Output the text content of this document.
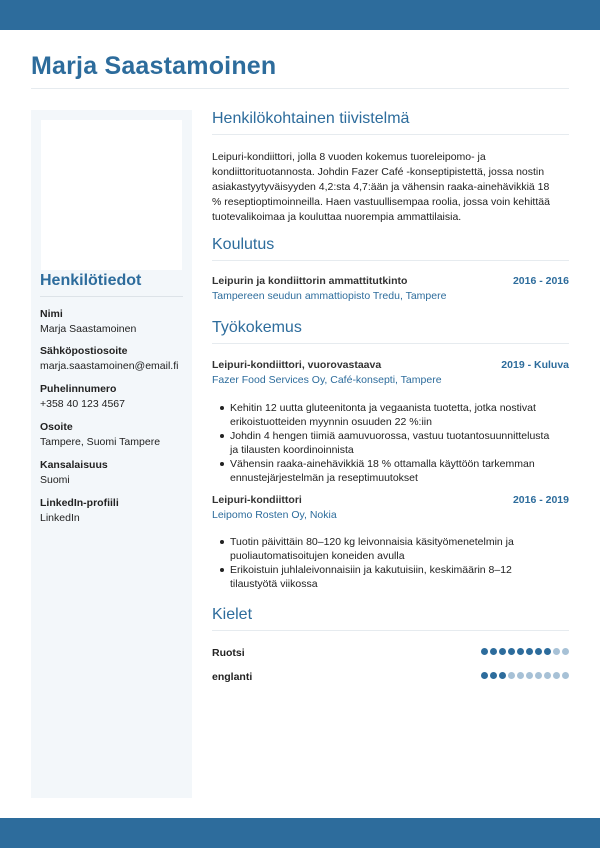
Marja Saastamoinen
Henkilötiedot
Nimi
Marja Saastamoinen
Sähköpostiosoite
marja.saastamoinen@email.fi
Puhelinnumero
+358 40 123 4567
Osoite
Tampere, Suomi Tampere
Kansalaisuus
Suomi
LinkedIn-profiili
LinkedIn
Henkilökohtainen tiivistelmä
Leipuri-kondiittori, jolla 8 vuoden kokemus tuoreleipomo- ja kondiittorituotannosta. Johdin Fazer Café -konseptipistettä, jossa nostin asiakastyytyväisyyden 4,2:sta 4,7:ään ja vähensin raaka-ainehävikkiä 18 % reseptioptimoinneilla. Haen vastuullisempaa roolia, jossa voin kehittää tuotevalikoimaa ja kouluttaa nuorempia ammattilaisia.
Koulutus
Leipurin ja kondiittorin ammattitutkinto	2016 - 2016
Tampereen seudun ammattiopisto Tredu, Tampere
Työkokemus
Leipuri-kondiittori, vuorovastaava	2019 - Kuluva
Fazer Food Services Oy, Café-konsepti, Tampere
Kehitin 12 uutta gluteenitonta ja vegaanista tuotetta, jotka nostivat erikoistuotteiden myynnin osuuden 22 %:iin
Johdin 4 hengen tiimiä aamuvuorossa, vastuu tuotantosuunnittelusta ja tilausten koordinoinnista
Vähensin raaka-ainehävikkiä 18 % ottamalla käyttöön tarkemman ennustejärjestelmän ja reseptimuutokset
Leipuri-kondiittori	2016 - 2019
Leipomo Rosten Oy, Nokia
Tuotin päivittäin 80–120 kg leivonnaisia käsityömenetelmin ja puoliautomatisoitujen koneiden avulla
Erikoistuin juhlaleivonnaisiin ja kakutuisiin, keskimäärin 8–12 tilaustyötä viikossa
Kielet
Ruotsi
englanti
